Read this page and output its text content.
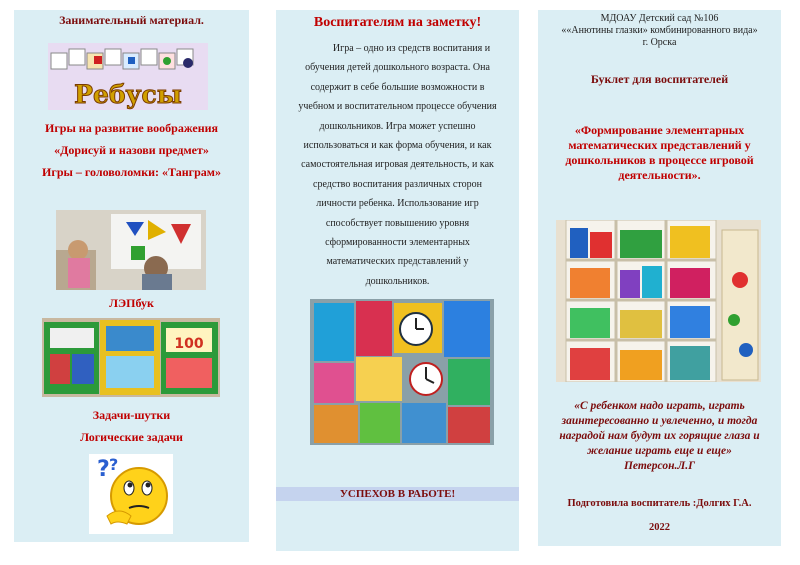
Занимательный материал.
Ребусы
Игры на развитие воображения
«Дорисуй и назови предмет»
Игры – головоломки: «Танграм»
ЛЭПбук
100
Задачи-шутки
Логические задачи
? ?
Воспитателям на заметку!
Игра – одно из средств воспитания и
обучения детей дошкольного возраста. Она
содержит в себе большие возможности в
учебном и воспитательном процессе обучения
дошкольников. Игра может успешно
использоваться и как форма обучения, и как
самостоятельная игровая деятельность, и как
средство воспитания различных сторон
личности ребенка. Использование игр
способствует повышению уровня
сформированности элементарных
математических представлений у
дошкольников.
УСПЕХОВ В РАБОТЕ!
МДОАУ Детский сад №106
««Анютины глазки» комбинированного вида»
г. Орска
Буклет для воспитателей
«Формирование элементарных
математических представлений у
дошкольников в процессе игровой
деятельности».
«С ребенком надо играть, играть
заинтересованно и увлеченно, и тогда
наградой нам будут их горящие глаза и
желание играть еще и еще»
Петерсон.Л.Г
Подготовила воспитатель :Долгих Г.А.
2022
